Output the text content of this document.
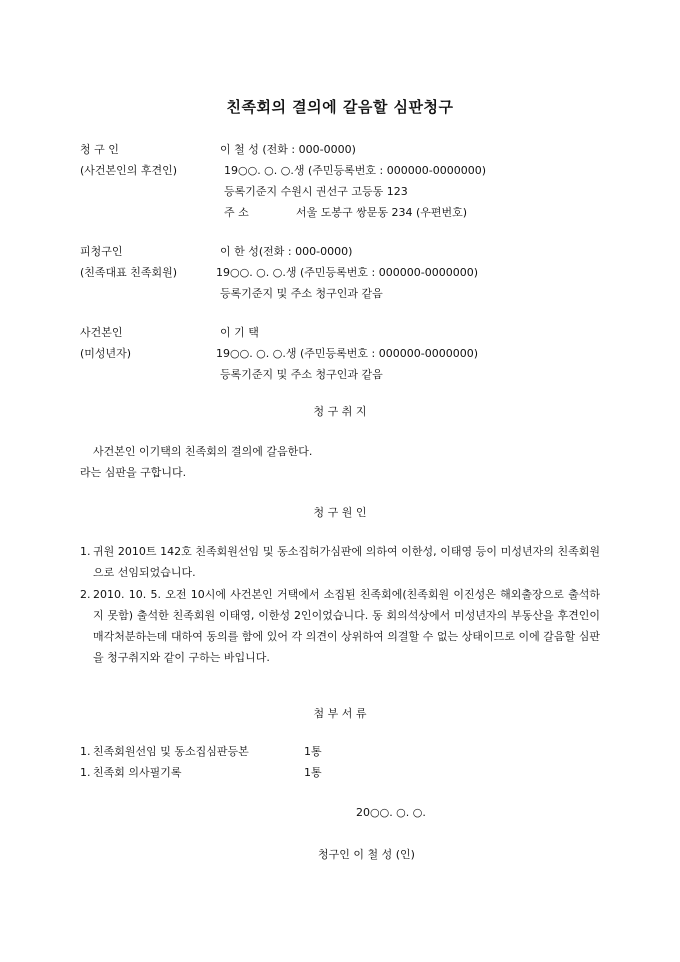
친족회의 결의에 갈음할 심판청구
청 구 인	이 철 성 (전화 : 000-0000)
(사건본인의 후견인)	19○○. ○. ○.생 (주민등록번호 : 000000-0000000)
등록기준지 수원시 권선구 고등동 123
주 소	서울 도봉구 쌍문동 234 (우편번호)
피청구인	이 한 성(전화 : 000-0000)
(친족대표 친족회원)	19○○. ○. ○.생 (주민등록번호 : 000000-0000000)
등록기준지 및 주소 청구인과 같음
사건본인	이 기 택
(미성년자)	19○○. ○. ○.생 (주민등록번호 : 000000-0000000)
등록기준지 및 주소 청구인과 같음
청 구 취 지
사건본인 이기택의 친족회의 결의에 갈음한다.
라는 심판을 구합니다.
청 구 원 인
1. 귀원 2010트 142호 친족회원선임 및 동소집허가심판에 의하여 이한성, 이태영 등이 미성년자의 친족회원으로 선임되었습니다.
2. 2010. 10. 5. 오전 10시에 사건본인 거택에서 소집된 친족회에(친족회원 이진성은 해외출장으로 출석하지 못함) 출석한 친족회원 이태영, 이한성 2인이었습니다. 동 회의석상에서 미성년자의 부동산을 후견인이 매각처분하는데 대하여 동의를 함에 있어 각 의견이 상위하여 의결할 수 없는 상태이므로 이에 갈음할 심판을 청구취지와 같이 구하는 바입니다.
첨 부 서 류
1. 친족회원선임 및 동소집심판등본	1통
1. 친족회 의사필기록	1통
20○○. ○. ○.
청구인 이 철 성 (인)
